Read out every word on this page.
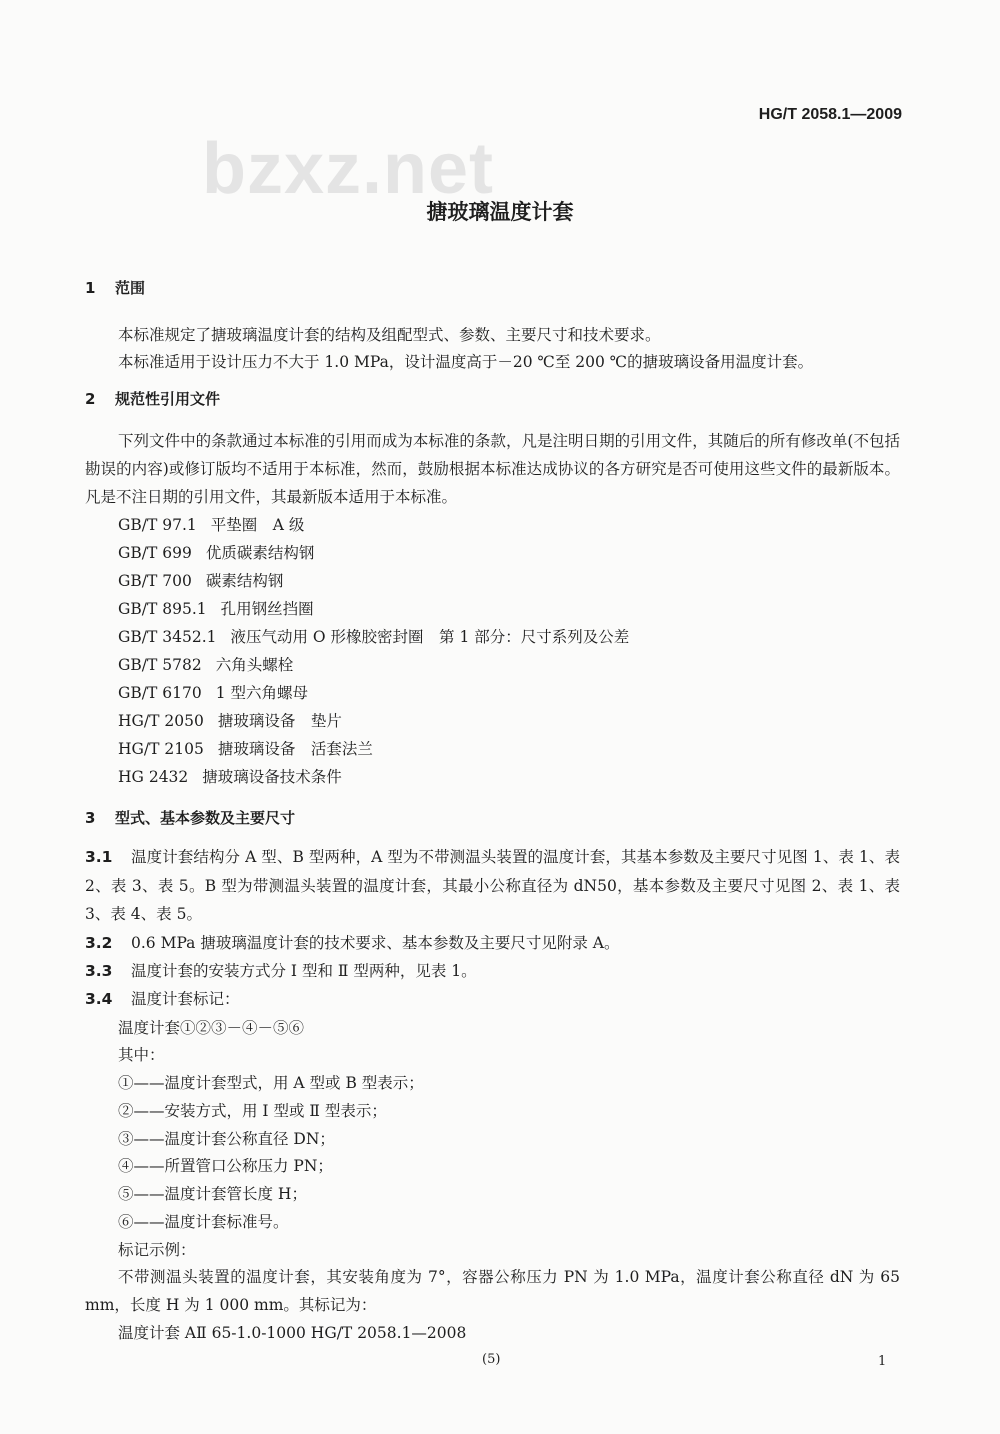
HG/T 2058.1—2009
bzxz.net
搪玻璃温度计套
1 范围
本标准规定了搪玻璃温度计套的结构及组配型式、参数、主要尺寸和技术要求。
本标准适用于设计压力不大于 1.0 MPa，设计温度高于－20 ℃至 200 ℃的搪玻璃设备用温度计套。
2 规范性引用文件
下列文件中的条款通过本标准的引用而成为本标准的条款，凡是注明日期的引用文件，其随后的所有修改单(不包括勘误的内容)或修订版均不适用于本标准，然而，鼓励根据本标准达成协议的各方研究是否可使用这些文件的最新版本。凡是不注日期的引用文件，其最新版本适用于本标准。
3 型式、基本参数及主要尺寸
3.1 温度计套结构分 A 型、B 型两种，A 型为不带测温头装置的温度计套，其基本参数及主要尺寸见图 1、表 1、表 2、表 3、表 5。B 型为带测温头装置的温度计套，其最小公称直径为 dN50，基本参数及主要尺寸见图 2、表 1、表 3、表 4、表 5。
3.2 0.6 MPa 搪玻璃温度计套的技术要求、基本参数及主要尺寸见附录 A。
3.3 温度计套的安装方式分 Ⅰ 型和 Ⅱ 型两种，见表 1。
3.4 温度计套标记：
温度计套①②③－④－⑤⑥
其中：
标记示例：
不带测温头装置的温度计套，其安装角度为 7°，容器公称压力 PN 为 1.0 MPa，温度计套公称直径 dN 为 65 mm，长度 H 为 1 000 mm。其标记为：
温度计套 AⅡ 65-1.0-1000 HG/T 2058.1—2008
(5)	1
GB/T 97.1 平垫圈　A 级
GB/T 699 优质碳素结构钢
GB/T 700 碳素结构钢
GB/T 895.1 孔用钢丝挡圈
GB/T 3452.1 液压气动用 O 形橡胶密封圈　第 1 部分：尺寸系列及公差
GB/T 5782 六角头螺栓
GB/T 6170 1 型六角螺母
HG/T 2050 搪玻璃设备　垫片
HG/T 2105 搪玻璃设备　活套法兰
HG 2432 搪玻璃设备技术条件
①——温度计套型式，用 A 型或 B 型表示；
②——安装方式，用 Ⅰ 型或 Ⅱ 型表示；
③——温度计套公称直径 DN；
④——所置管口公称压力 PN；
⑤——温度计套管长度 H；
⑥——温度计套标准号。
